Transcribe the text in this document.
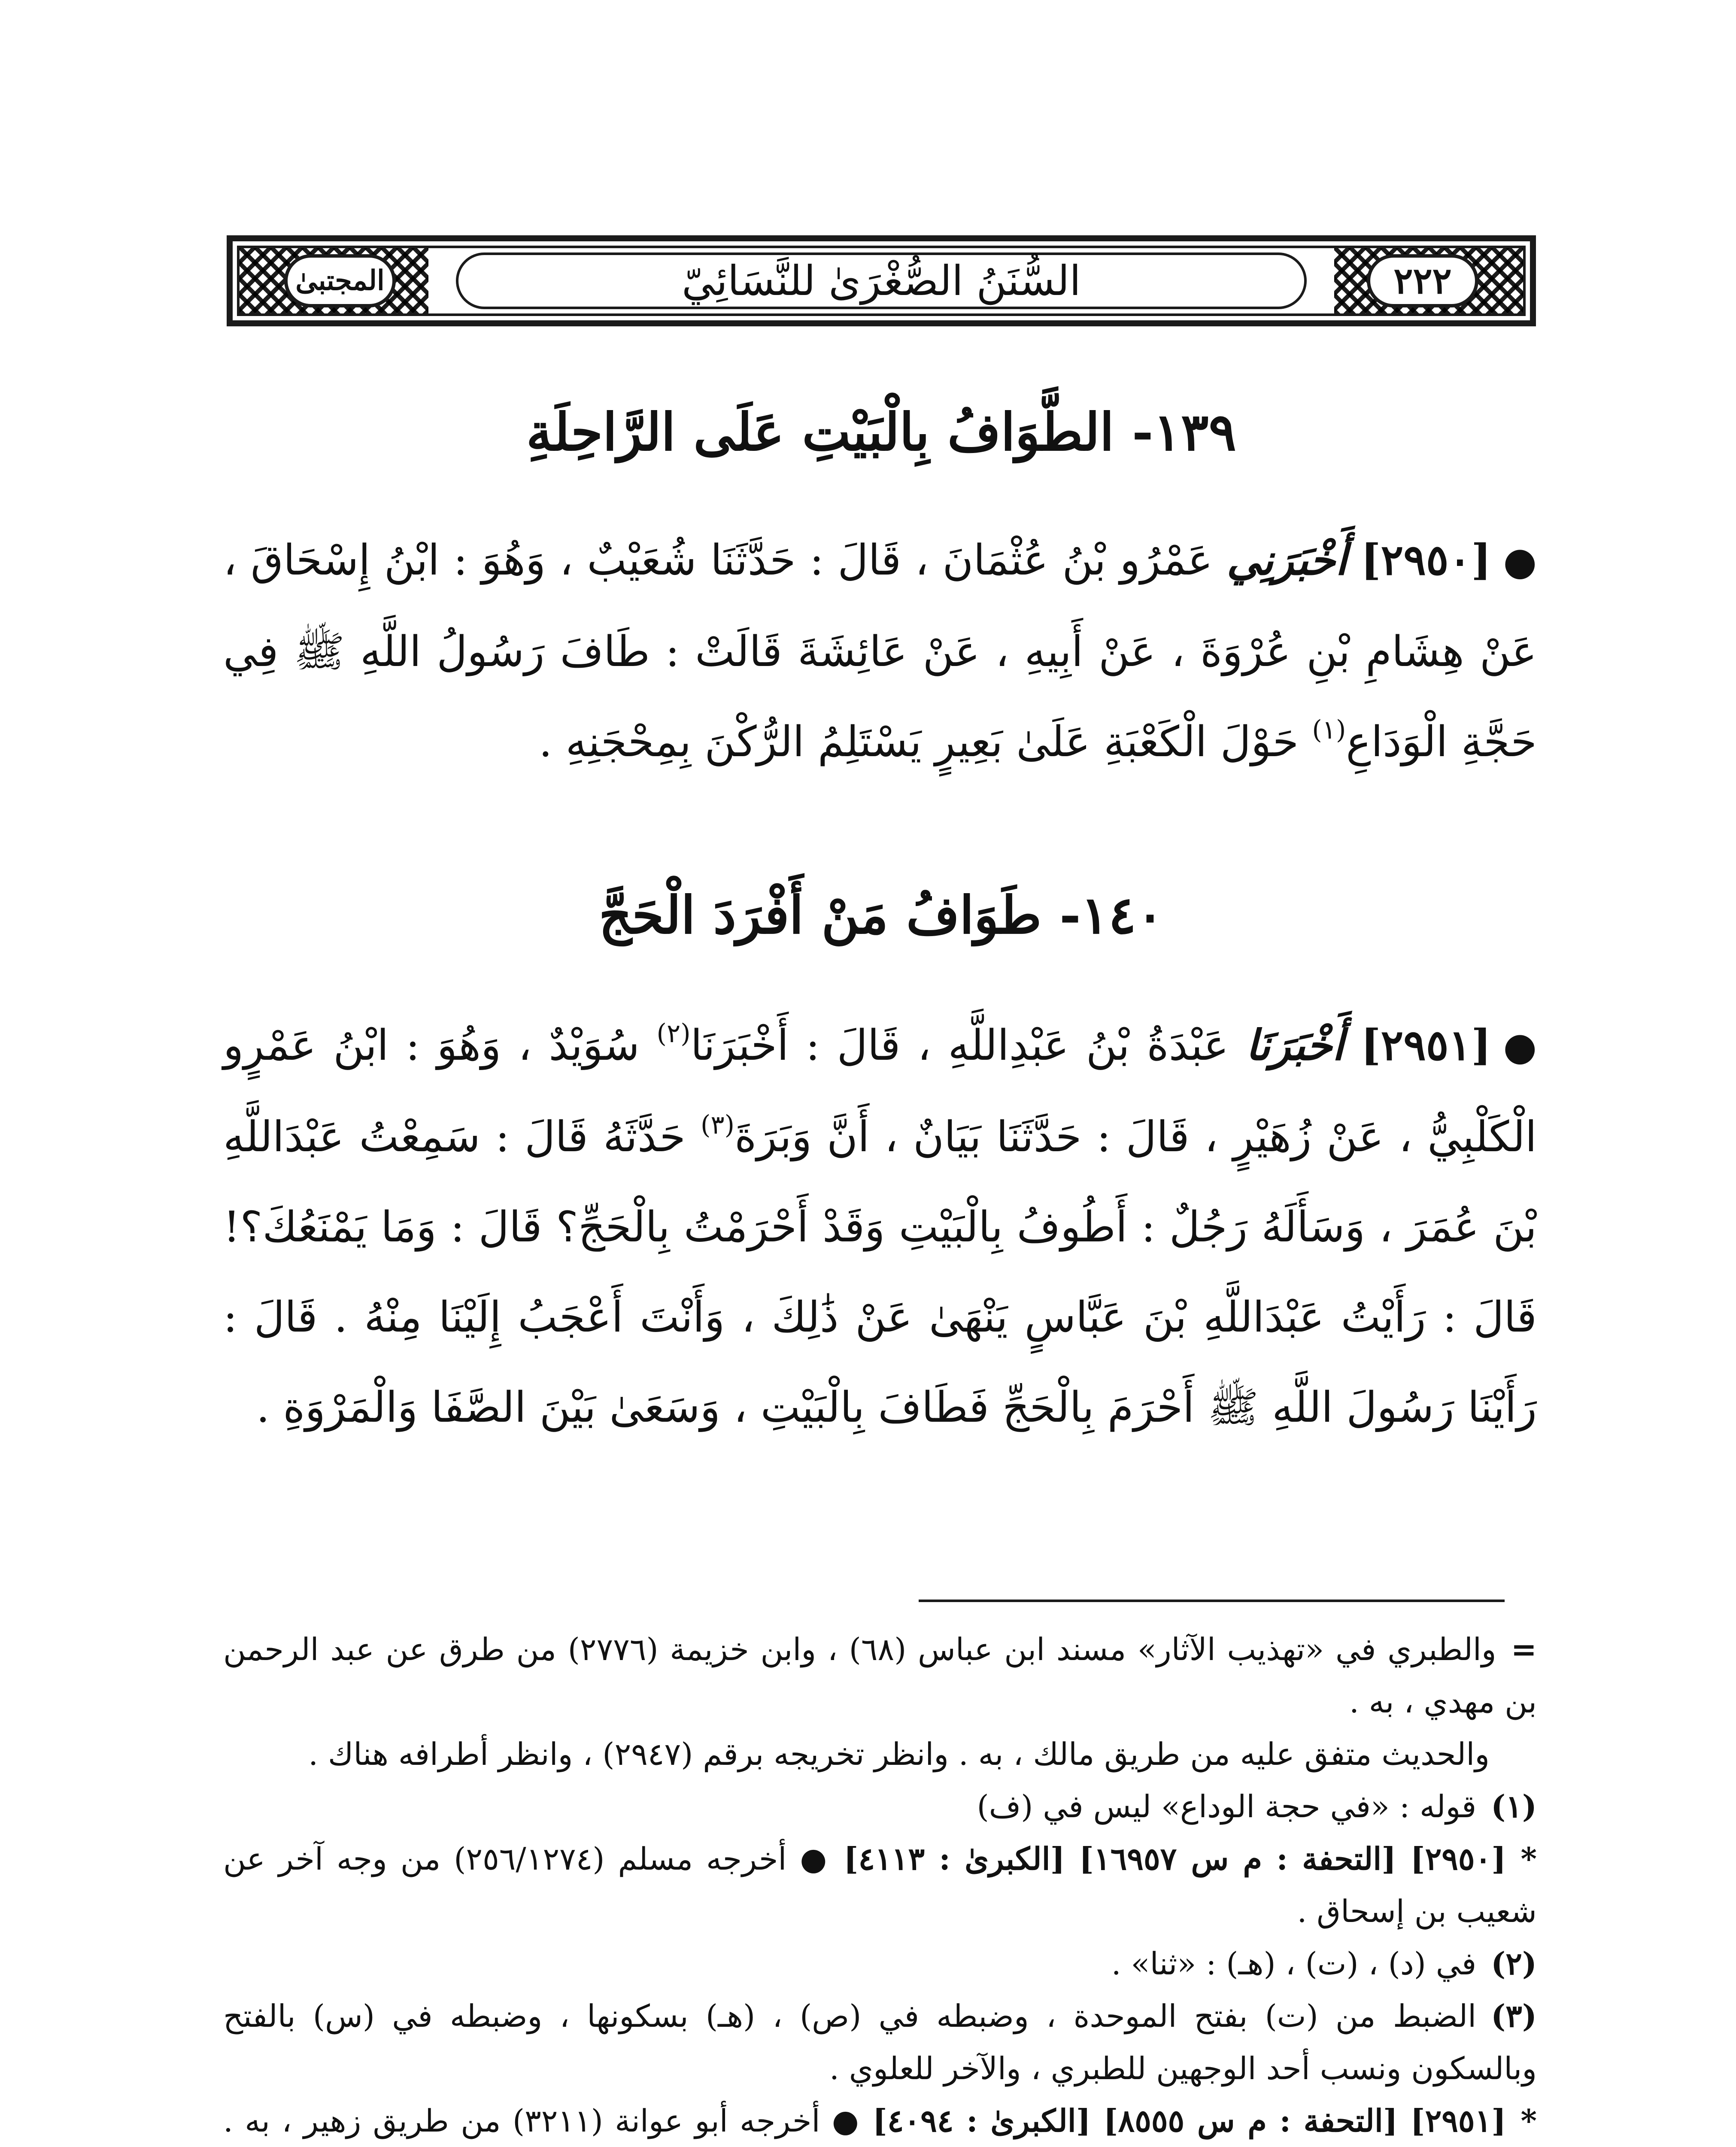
٢٢٢
المجتبىٰ	السُّنَنُ الصُّغْرَىٰ للنَّسَائِيّ
١٣٩- الطَّوَافُ بِالْبَيْتِ عَلَى الرَّاحِلَةِ
●[٢٩٥٠] أَخْبَرَنِي عَمْرُو بْنُ عُثْمَانَ ، قَالَ : حَدَّثَنَا شُعَيْبٌ ، وَهُوَ : ابْنُ إِسْحَاقَ ، عَنْ هِشَامِ بْنِ عُرْوَةَ ، عَنْ أَبِيهِ ، عَنْ عَائِشَةَ قَالَتْ : طَافَ رَسُولُ اللَّهِ ﷺ فِي حَجَّةِ الْوَدَاعِ$^{(١)}$ حَوْلَ الْكَعْبَةِ عَلَىٰ بَعِيرٍ يَسْتَلِمُ الرُّكْنَ بِمِحْجَنِهِ .
١٤٠- طَوَافُ مَنْ أَفْرَدَ الْحَجَّ
●[٢٩٥١] أَخْبَرَنَا عَبْدَةُ بْنُ عَبْدِاللَّهِ ، قَالَ : أَخْبَرَنَا$^{(٢)}$ سُوَيْدٌ ، وَهُوَ : ابْنُ عَمْرٍو الْكَلْبِيُّ ، عَنْ زُهَيْرٍ ، قَالَ : حَدَّثَنَا بَيَانٌ ، أَنَّ وَبَرَةَ$^{(٣)}$ حَدَّثَهُ قَالَ : سَمِعْتُ عَبْدَاللَّهِ بْنَ عُمَرَ ، وَسَأَلَهُ رَجُلٌ : أَطُوفُ بِالْبَيْتِ وَقَدْ أَحْرَمْتُ بِالْحَجِّ؟ قَالَ : وَمَا يَمْنَعُكَ؟! قَالَ : رَأَيْتُ عَبْدَاللَّهِ بْنَ عَبَّاسٍ يَنْهَىٰ عَنْ ذَٰلِكَ ، وَأَنْتَ أَعْجَبُ إِلَيْنَا مِنْهُ . قَالَ : رَأَيْنَا رَسُولَ اللَّهِ ﷺ أَحْرَمَ بِالْحَجِّ فَطَافَ بِالْبَيْتِ ، وَسَعَىٰ بَيْنَ الصَّفَا وَالْمَرْوَةِ .

=والطبري في «تهذيب الآثار» مسند ابن عباس (٦٨) ، وابن خزيمة (٢٧٧٦) من طرق عن عبد الرحمن بن مهدي ، به .

والحديث متفق عليه من طريق مالك ، به . وانظر تخريجه برقم (٢٩٤٧) ، وانظر أطرافه هناك .

(١)قوله : «في حجة الوداع» ليس في (ف)

*[٢٩٥٠] [التحفة : م س ١٦٩٥٧] [الكبرىٰ : ٤١١٣] ● أخرجه مسلم (٢٥٦/١٢٧٤) من وجه آخر عن شعيب بن إسحاق .

(٢)في (د) ، (ت) ، (هـ) : «ثنا» .

(٣)الضبط من (ت) بفتح الموحدة ، وضبطه في (ص) ، (هـ) بسكونها ، وضبطه في (س) بالفتح وبالسكون ونسب أحد الوجهين للطبري ، والآخر للعلوي .

*[٢٩٥١] [التحفة : م س ٨٥٥٥] [الكبرىٰ : ٤٠٩٤] ● أخرجه أبو عوانة (٣٢١١) من طريق زهير ، به .
